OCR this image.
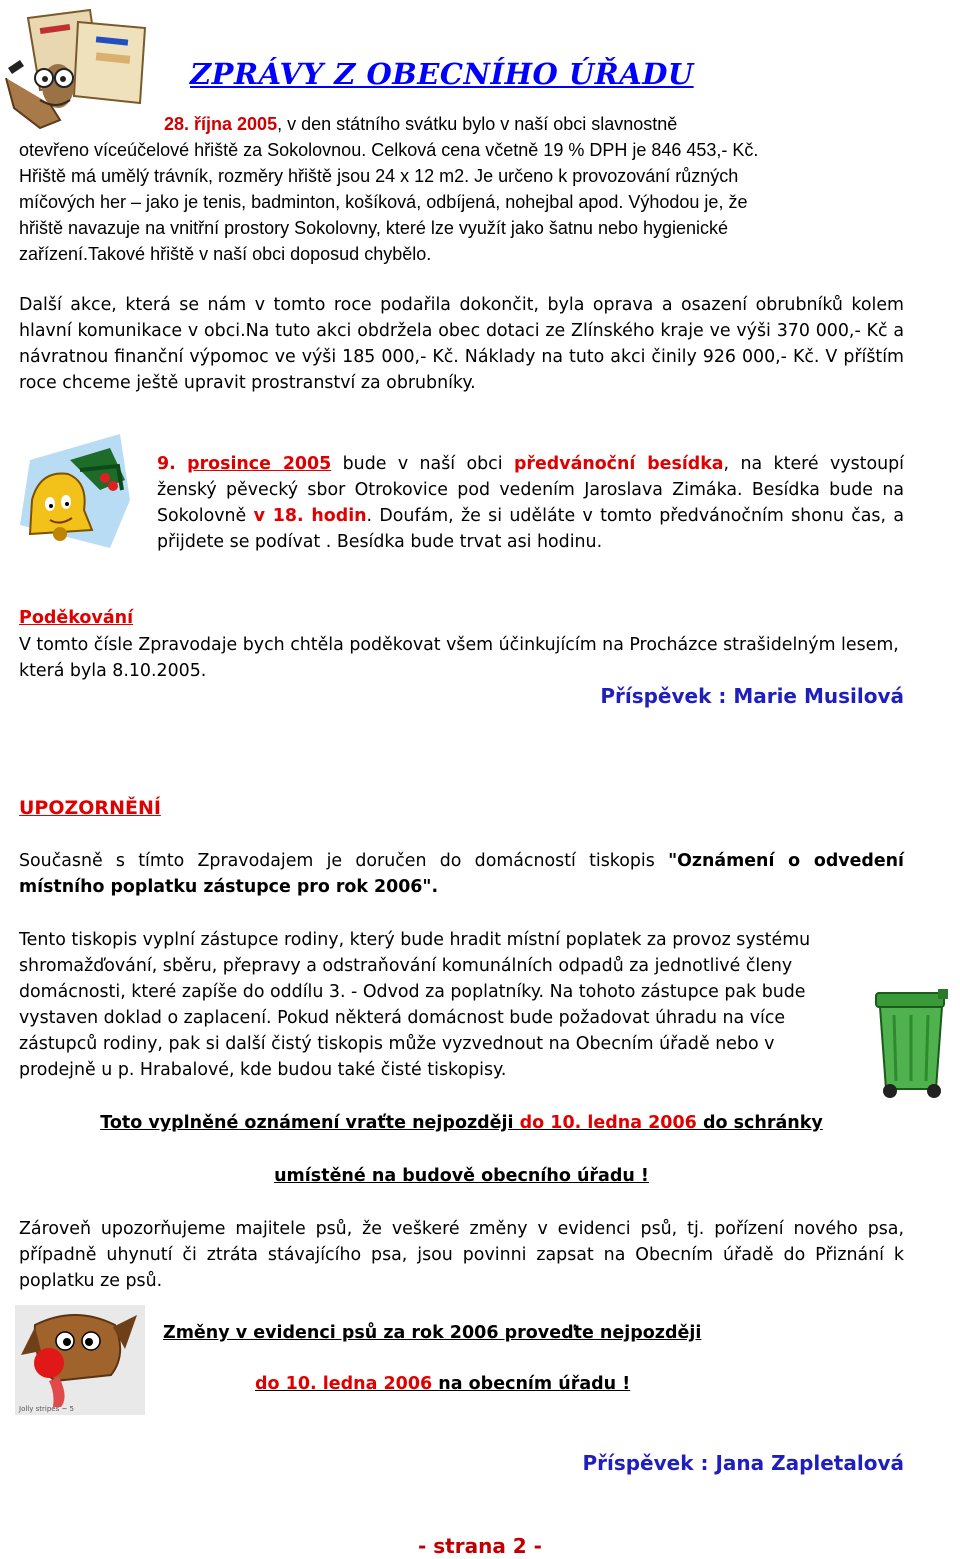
ZPRÁVY Z OBECNÍHO ÚŘADU
28. října 2005, v den státního svátku bylo v naší obci slavnostně
otevřeno víceúčelové hřiště za Sokolovnou. Celková cena včetně 19 % DPH je 846 453,- Kč.
Hřiště má umělý trávník, rozměry hřiště jsou 24 x 12 m2. Je určeno k provozování různých
míčových her – jako je tenis, badminton, košíková, odbíjená, nohejbal apod. Výhodou je, že
hřiště navazuje na vnitřní prostory Sokolovny, které lze využít jako šatnu nebo hygienické
zařízení.Takové hřiště v naší obci doposud chybělo.
Další akce, která se nám v tomto roce podařila dokončit, byla oprava a osazení obrubníků kolem hlavní komunikace v obci.Na tuto akci obdržela obec dotaci ze Zlínského kraje ve výši 370 000,- Kč a návratnou finanční výpomoc ve výši 185 000,- Kč. Náklady na tuto akci činily 926 000,- Kč. V příštím roce chceme ještě upravit prostranství za obrubníky.
9. prosince 2005 bude v naší obci předvánoční besídka, na které vystoupí ženský pěvecký sbor Otrokovice pod vedením Jaroslava Zimáka. Besídka bude na Sokolovně v 18. hodin. Doufám, že si uděláte v tomto předvánočním shonu čas, a přijdete se podívat . Besídka bude trvat asi hodinu.
Poděkování
V tomto čísle Zpravodaje bych chtěla poděkovat všem účinkujícím na Procházce strašidelným lesem, která byla 8.10.2005.
Příspěvek : Marie Musilová
UPOZORNĚNÍ
Současně s tímto Zpravodajem je doručen do domácností tiskopis "Oznámení o odvedení místního poplatku zástupce pro rok 2006".
Tento tiskopis vyplní zástupce rodiny, který bude hradit místní poplatek za provoz systému
shromažďování, sběru, přepravy a odstraňování komunálních odpadů za jednotlivé členy
domácnosti, které zapíše do oddílu 3. - Odvod za poplatníky. Na tohoto zástupce pak bude
vystaven doklad o zaplacení. Pokud některá domácnost bude požadovat úhradu na více
zástupců rodiny, pak si další čistý tiskopis může vyzvednout na Obecním úřadě nebo v
prodejně u p. Hrabalové, kde budou také čisté tiskopisy.
Toto vyplněné oznámení vraťte nejpozději do 10. ledna 2006 do schránky
umístěné na budově obecního úřadu !
Zároveň upozorňujeme majitele psů, že veškeré změny v evidenci psů, tj. pořízení nového psa, případně uhynutí či ztráta stávajícího psa, jsou povinni zapsat na Obecním úřadě do Přiznání k poplatku ze psů.
Jolly stripes ~ 5
Změny v evidenci psů za rok 2006 proveďte nejpozději
do 10. ledna 2006 na obecním úřadu !
Příspěvek : Jana Zapletalová
- strana 2 -
